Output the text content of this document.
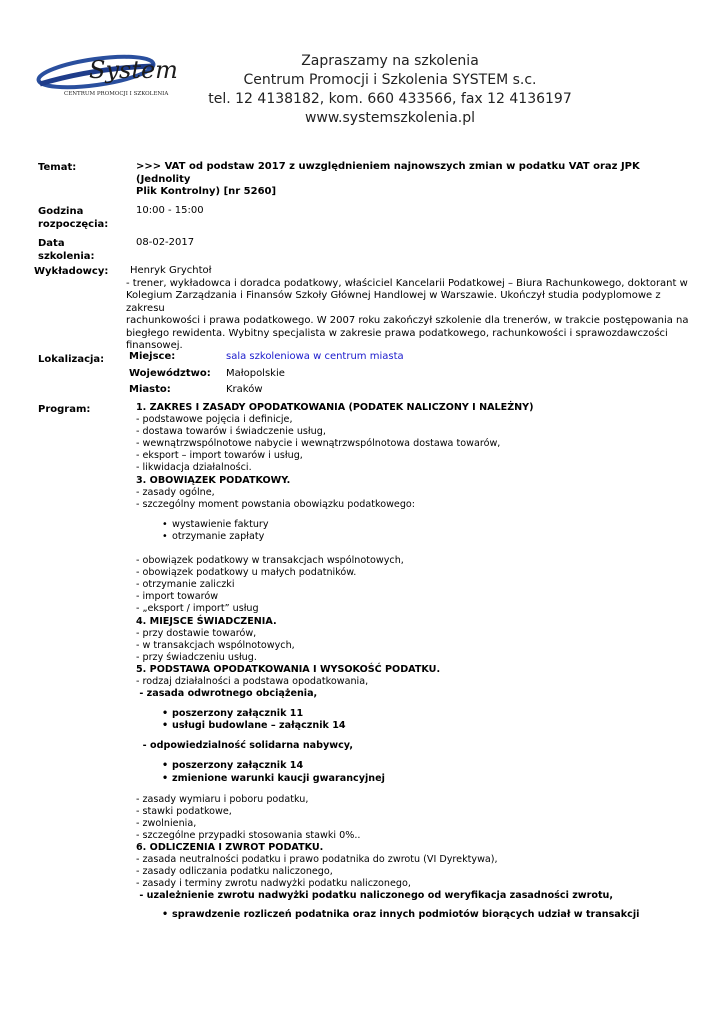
System
CENTRUM PROMOCJI I SZKOLENIA
Zapraszamy na szkolenia
Centrum Promocji i Szkolenia SYSTEM s.c.
tel. 12 4138182, kom. 660 433566, fax 12 4136197
www.systemszkolenia.pl
Temat:	>>> VAT od podstaw 2017 z uwzględnieniem najnowszych zmian w podatku VAT oraz JPK (Jednolity
Plik Kontrolny) [nr 5260]
Godzina rozpoczęcia:
10:00 - 15:00
Data szkolenia:
08-02-2017
Wykładowcy:	Henryk Grychtoł
- trener, wykładowca i doradca podatkowy, właściciel Kancelarii Podatkowej – Biura Rachunkowego, doktorant w
Kolegium Zarządzania i Finansów Szkoły Głównej Handlowej w Warszawie. Ukończył studia podyplomowe z zakresu
rachunkowości i prawa podatkowego. W 2007 roku zakończył szkolenie dla trenerów, w trakcie postępowania na
biegłego rewidenta. Wybitny specjalista w zakresie prawa podatkowego, rachunkowości i sprawozdawczości
finansowej.
Lokalizacja: Miejsce:	sala szkoleniowa w centrum miasta
Województwo: Małopolskie
Miasto:	Kraków
Program:	1. ZAKRES I ZASADY OPODATKOWANIA (PODATEK NALICZONY I NALEŻNY)
- podstawowe pojęcia i definicje,
- dostawa towarów i świadczenie usług,
- wewnątrzwspólnotowe nabycie i wewnątrzwspólnotowa dostawa towarów,
- eksport – import towarów i usług,
- likwidacja działalności.
3. OBOWIĄZEK PODATKOWY.
- zasady ogólne,
- szczególny moment powstania obowiązku podatkowego:
• wystawienie faktury
• otrzymanie zapłaty
- obowiązek podatkowy w transakcjach wspólnotowych,
- obowiązek podatkowy u małych podatników.
- otrzymanie zaliczki
- import towarów
- „eksport / import” usług
4. MIEJSCE ŚWIADCZENIA.
- przy dostawie towarów,
- w transakcjach wspólnotowych,
- przy świadczeniu usług.
5. PODSTAWA OPODATKOWANIA I WYSOKOŚĆ PODATKU.
- rodzaj działalności a podstawa opodatkowania,
- zasada odwrotnego obciążenia,
• poszerzony załącznik 11
• usługi budowlane – załącznik 14
- odpowiedzialność solidarna nabywcy,
• poszerzony załącznik 14
• zmienione warunki kaucji gwarancyjnej
- zasady wymiaru i poboru podatku,
- stawki podatkowe,
- zwolnienia,
- szczególne przypadki stosowania stawki 0%..
6. ODLICZENIA I ZWROT PODATKU.
- zasada neutralności podatku i prawo podatnika do zwrotu (VI Dyrektywa),
- zasady odliczania podatku naliczonego,
- zasady i terminy zwrotu nadwyżki podatku naliczonego,
- uzależnienie zwrotu nadwyżki podatku naliczonego od weryfikacja zasadności zwrotu,
• sprawdzenie rozliczeń podatnika oraz innych podmiotów biorących udział w transakcji
